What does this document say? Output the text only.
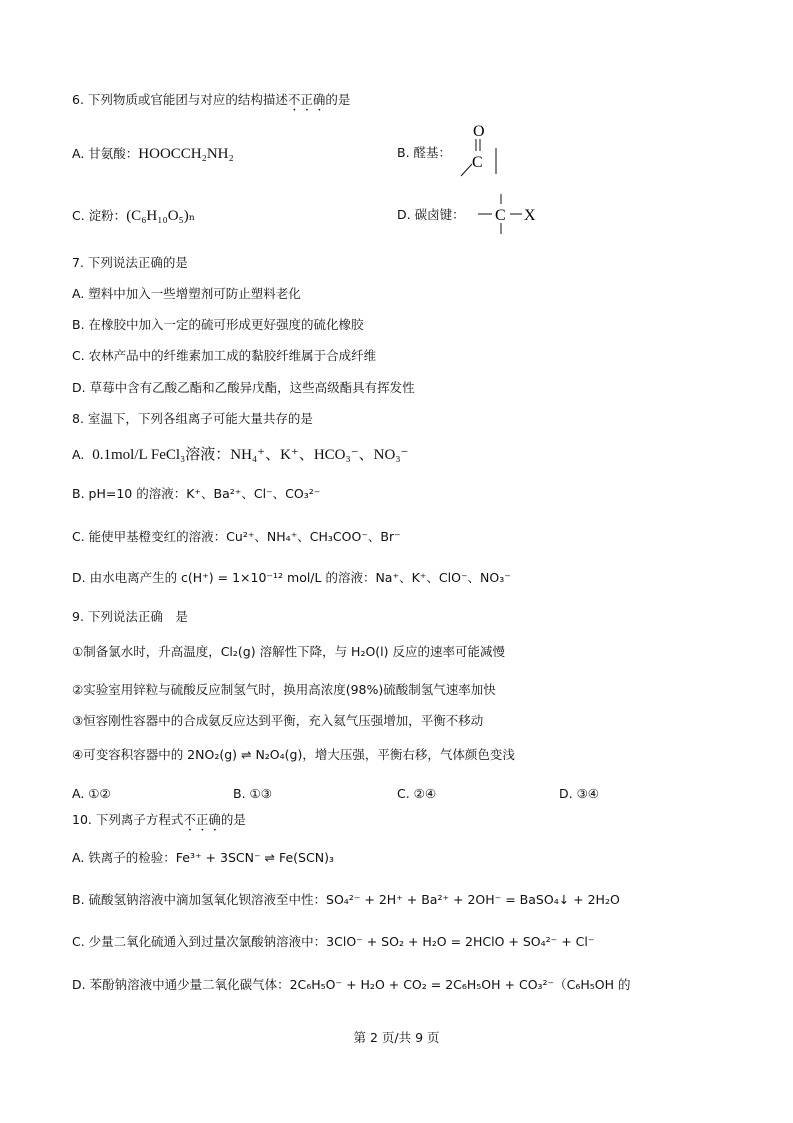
6. 下列物质或官能团与对应的结构描述不正确的是
A. 甘氨酸：HOOCCH₂NH₂	B. 醛基：
O
C
C. 淀粉：(C₆H₁₀O₅)ₙ	D. 碳卤键： C X
7. 下列说法正确的是
A. 塑料中加入一些增塑剂可防止塑料老化
B. 在橡胶中加入一定的硫可形成更好强度的硫化橡胶
C. 农林产品中的纤维素加工成的黏胶纤维属于合成纤维
D. 草莓中含有乙酸乙酯和乙酸异戊酯，这些高级酯具有挥发性
8. 室温下，下列各组离子可能大量共存的是
A. 0.1mol/L FeCl₃溶液：NH₄⁺、K⁺、HCO₃⁻、NO₃⁻
B. pH=10 的溶液：K⁺、Ba²⁺、Cl⁻、CO₃²⁻
C. 能使甲基橙变红的溶液：Cu²⁺、NH₄⁺、CH₃COO⁻、Br⁻
D. 由水电离产生的 c(H⁺) = 1×10⁻¹² mol/L 的溶液：Na⁺、K⁺、ClO⁻、NO₃⁻
9. 下列说法正确　是
①制备氯水时，升高温度，Cl₂(g) 溶解性下降，与 H₂O(l) 反应的速率可能减慢
②实验室用锌粒与硫酸反应制氢气时，换用高浓度(98%)硫酸制氢气速率加快
③恒容刚性容器中的合成氨反应达到平衡，充入氦气压强增加，平衡不移动
④可变容积容器中的 2NO₂(g) ⇌ N₂O₄(g)，增大压强，平衡右移，气体颜色变浅
A. ①②	B. ①③	C. ②④	D. ③④
10. 下列离子方程式不正确的是
A. 铁离子的检验：Fe³⁺ + 3SCN⁻ ⇌ Fe(SCN)₃
B. 硫酸氢钠溶液中滴加氢氧化钡溶液至中性：SO₄²⁻ + 2H⁺ + Ba²⁺ + 2OH⁻ = BaSO₄↓ + 2H₂O
C. 少量二氧化硫通入到过量次氯酸钠溶液中：3ClO⁻ + SO₂ + H₂O = 2HClO + SO₄²⁻ + Cl⁻
D. 苯酚钠溶液中通少量二氧化碳气体：2C₆H₅O⁻ + H₂O + CO₂ = 2C₆H₅OH + CO₃²⁻（C₆H₅OH 的
第 2 页/共 9 页
